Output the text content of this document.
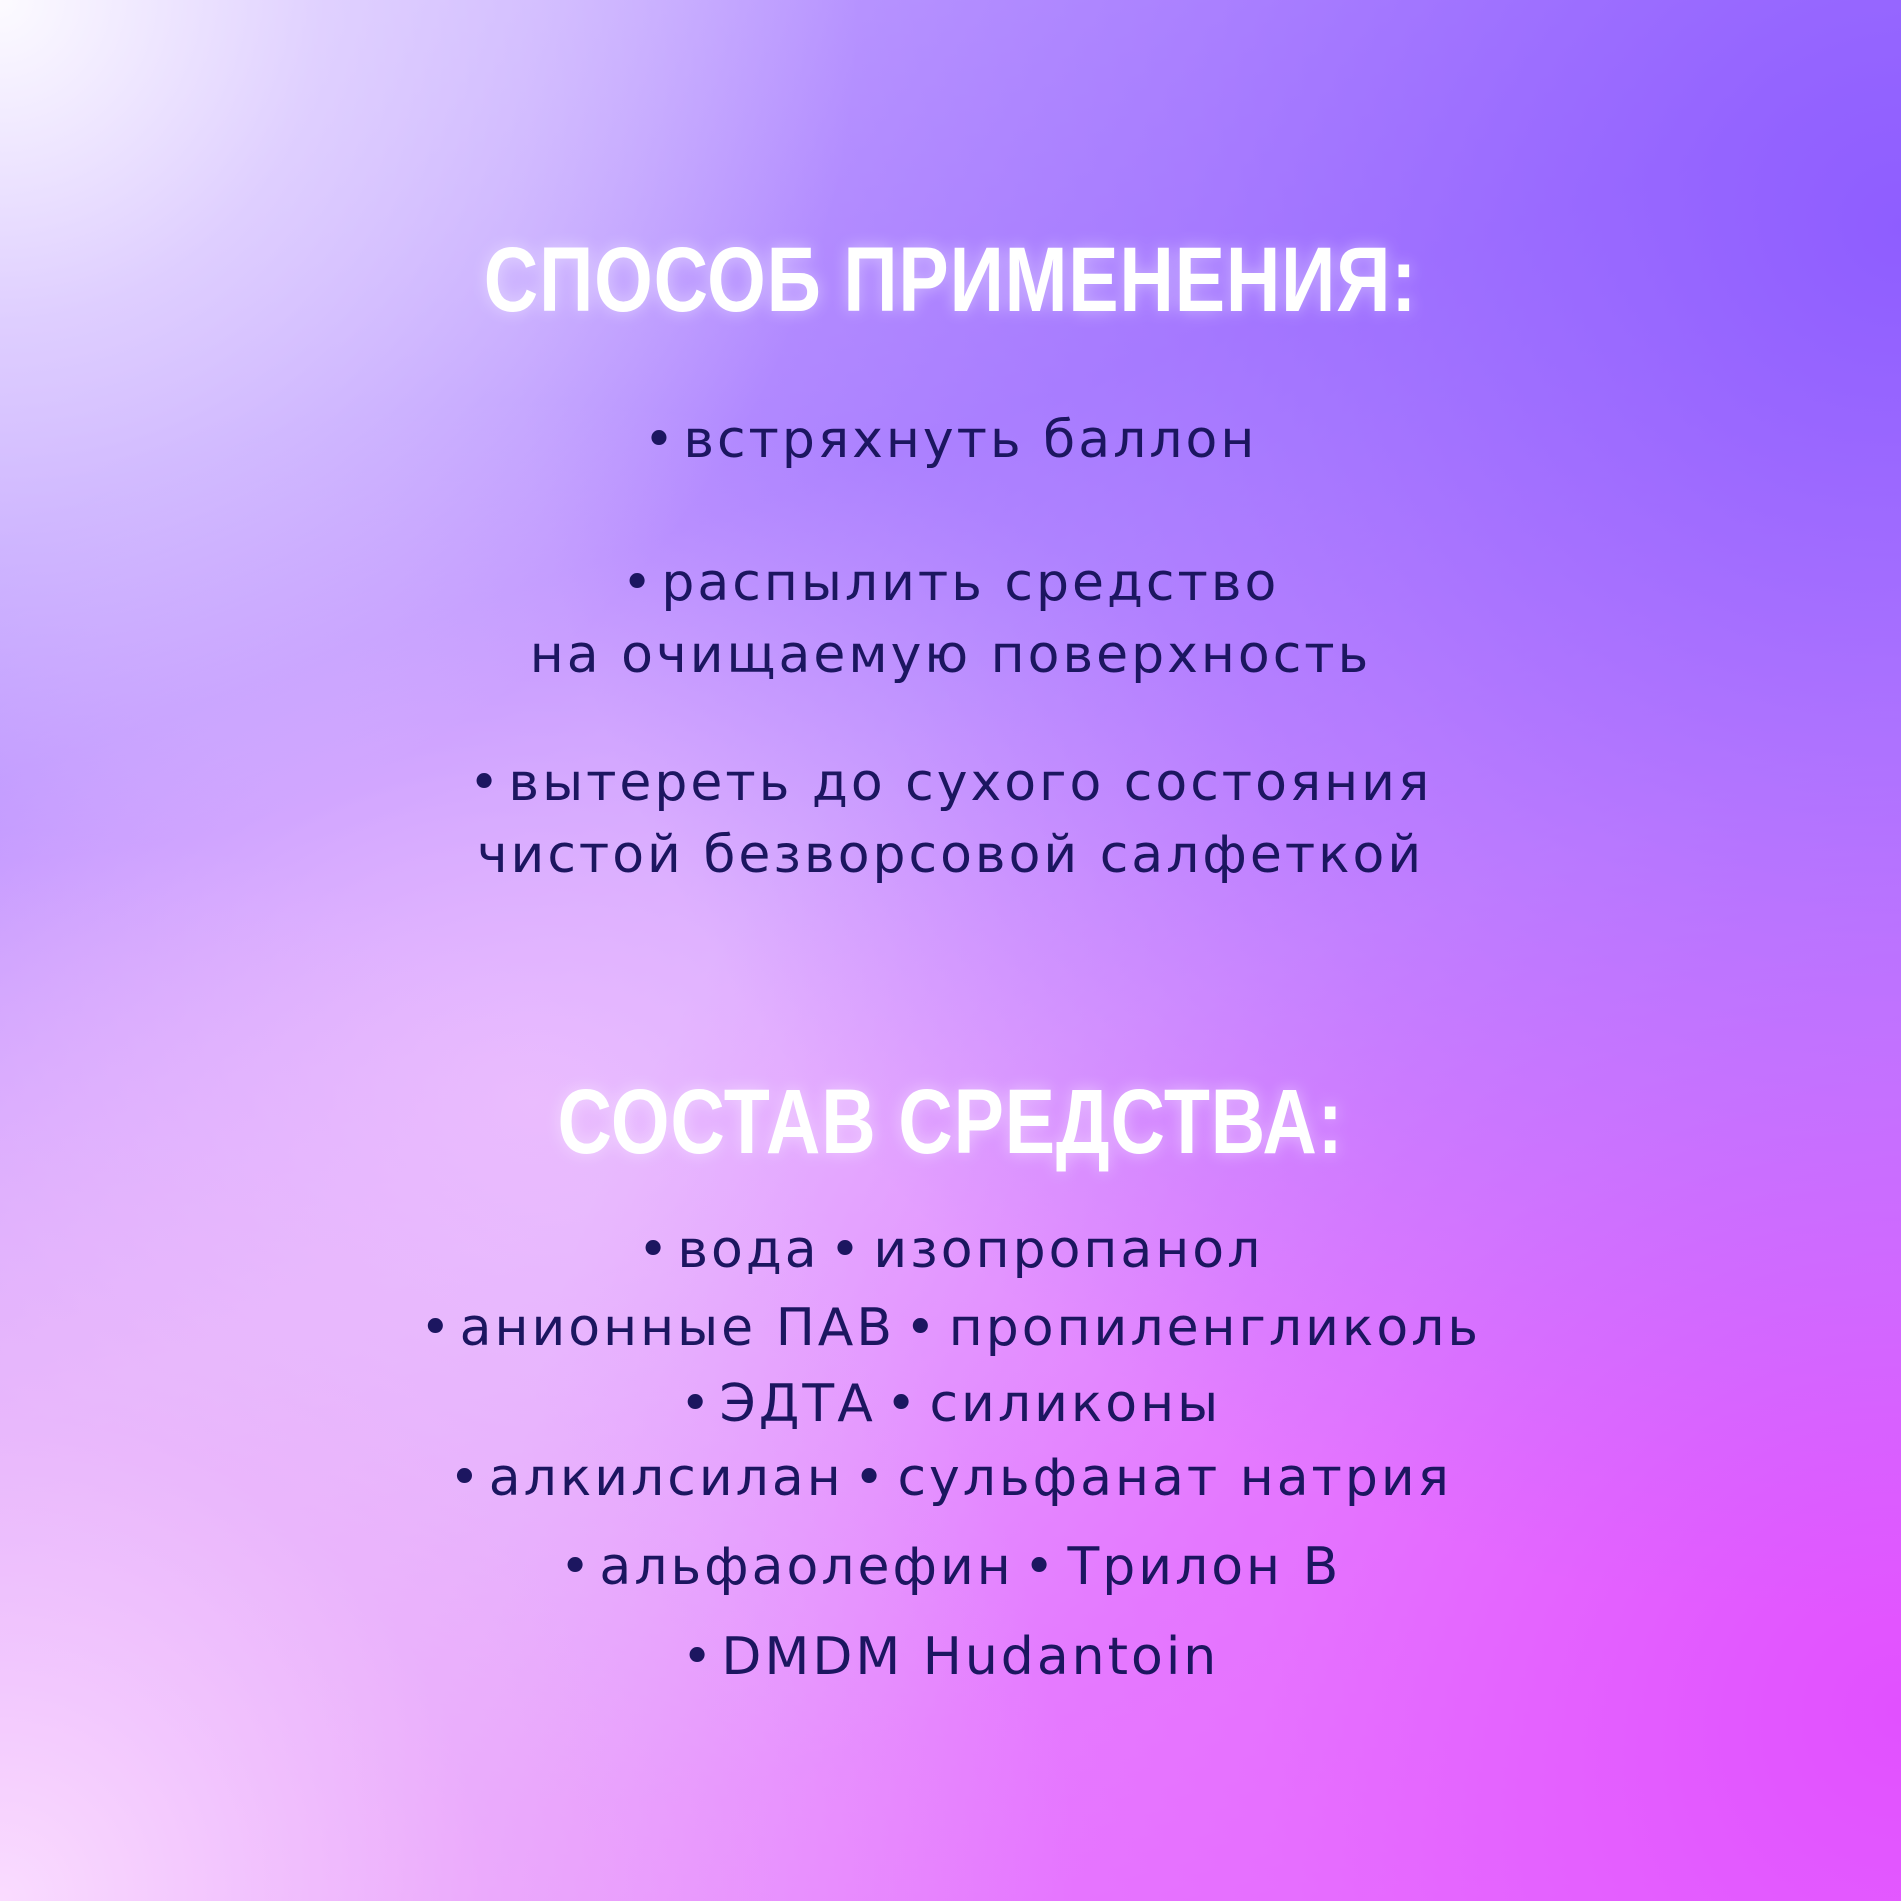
СПОСОБ ПРИМЕНЕНИЯ:
• встряхнуть баллон
• распылить средство
на очищаемую поверхность
• вытереть до сухого состояния
чистой безворсовой салфеткой
СОСТАВ СРЕДСТВА:
• вода • изопропанол
• анионные ПАВ • пропиленгликоль
• ЭДТА • силиконы
• алкилсилан • сульфанат натрия
• альфаолефин • Трилон В
• DMDM Hudantoin
